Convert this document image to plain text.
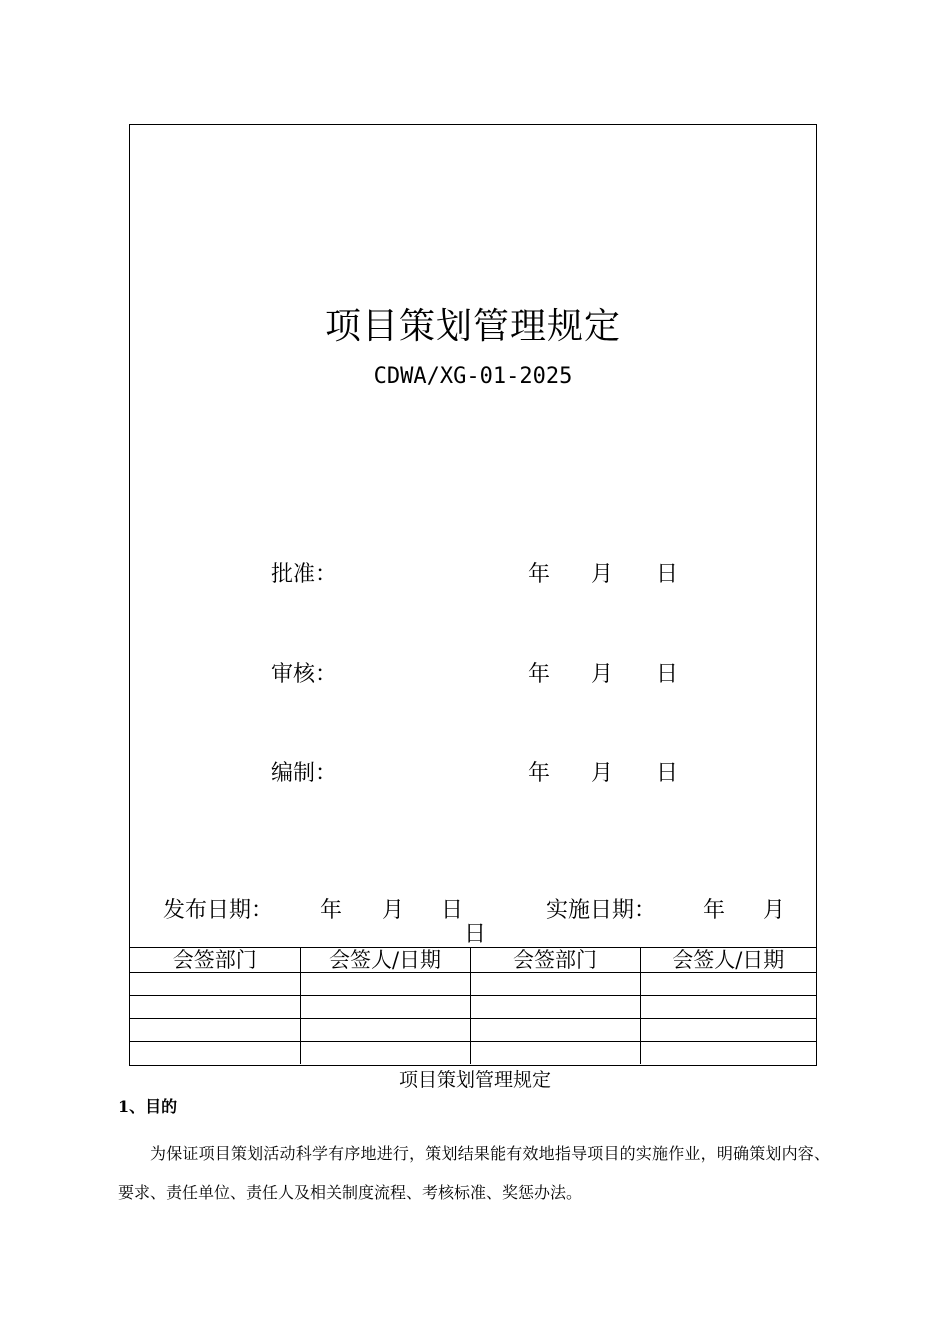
项目策划管理规定
CDWA/XG-01-2025
批准：	年 月 日
审核：	年 月 日
编制：	年 月 日
发布日期： 年 月 日	实施日期： 年 月
日
会签部门	会签人/日期	会签部门	会签人/日期

项目策划管理规定
1、目的
为保证项目策划活动科学有序地进行，策划结果能有效地指导项目的实施作业，明确策划内容、要求、责任单位、责任人及相关制度流程、考核标准、奖惩办法。
